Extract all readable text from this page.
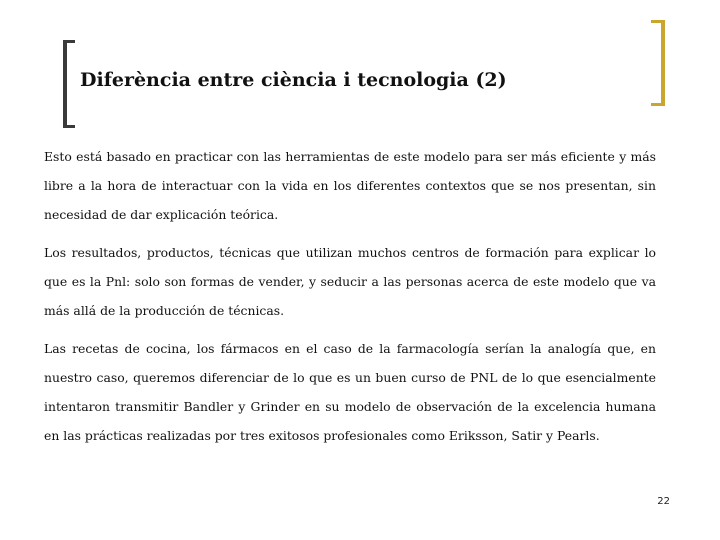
Diferència entre ciència i tecnologia (2)

Esto está basado en practicar con las herramientas de este modelo para ser más eficiente y más libre a la hora de interactuar con la vida en los diferentes contextos que se nos presentan, sin necesidad de dar explicación teórica.

Los resultados, productos, técnicas que utilizan muchos centros de formación para explicar lo que es la Pnl: solo son formas de vender, y seducir a las personas acerca de este modelo que va más allá de la producción de técnicas.

Las recetas de cocina, los fármacos en el caso de la farmacología serían la analogía que, en nuestro caso, queremos diferenciar de lo que es un buen curso de PNL de lo que esencialmente intentaron transmitir Bandler y Grinder en su modelo de observación de la excelencia humana en las prácticas realizadas por tres exitosos profesionales como Eriksson, Satir y Pearls.

22
